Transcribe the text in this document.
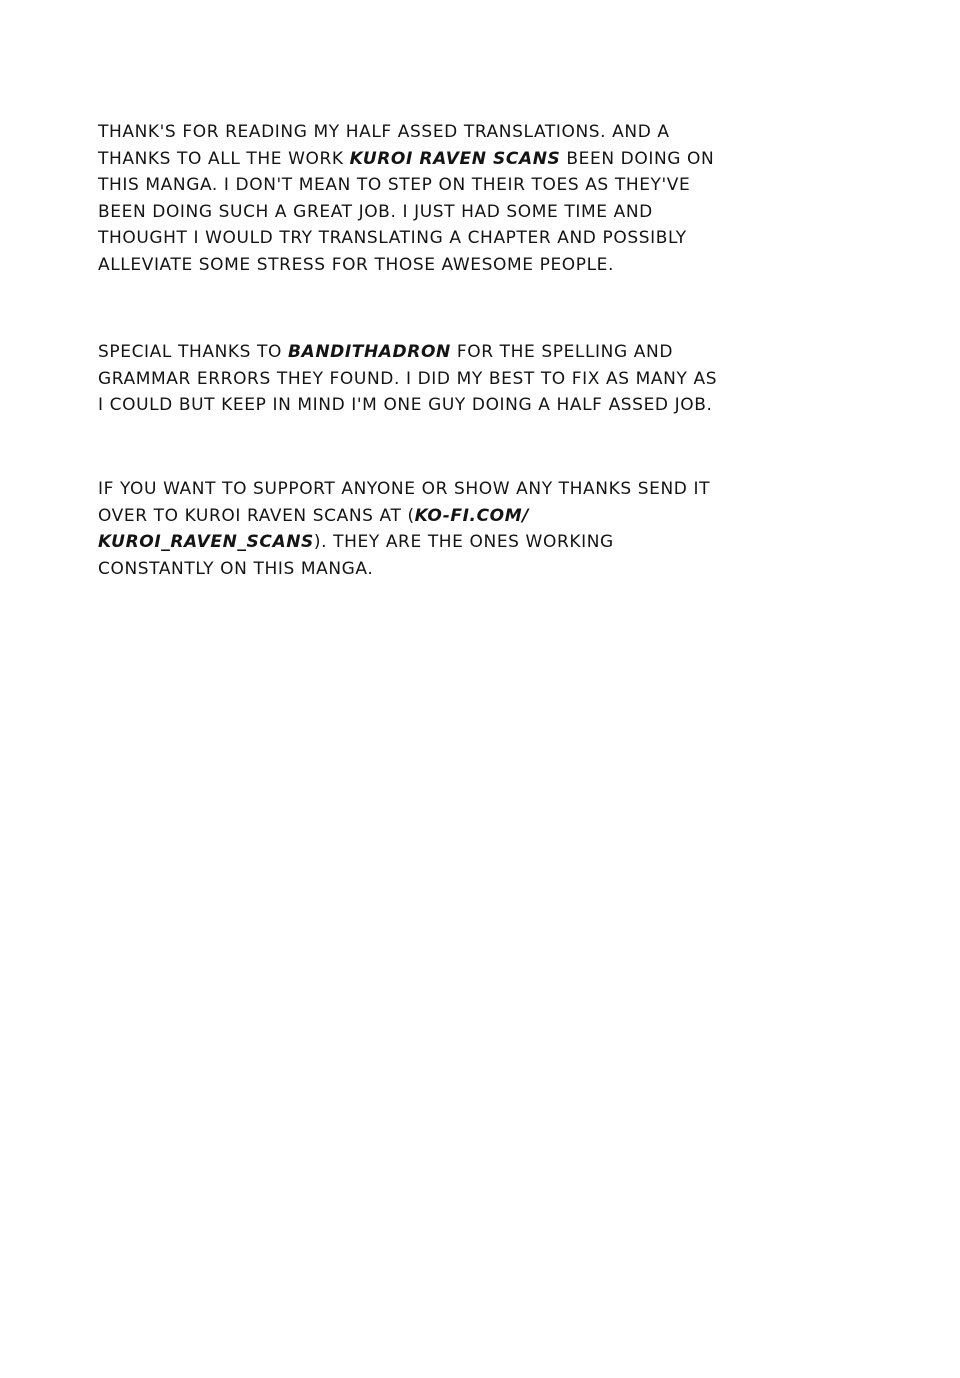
THANK'S FOR READING MY HALF ASSED TRANSLATIONS. AND A
THANKS TO ALL THE WORK KUROI RAVEN SCANS BEEN DOING ON
THIS MANGA. I DON'T MEAN TO STEP ON THEIR TOES AS THEY'VE
BEEN DOING SUCH A GREAT JOB. I JUST HAD SOME TIME AND
THOUGHT I WOULD TRY TRANSLATING A CHAPTER AND POSSIBLY
ALLEVIATE SOME STRESS FOR THOSE AWESOME PEOPLE.

SPECIAL THANKS TO BANDITHADRON FOR THE SPELLING AND
GRAMMAR ERRORS THEY FOUND. I DID MY BEST TO FIX AS MANY AS
I COULD BUT KEEP IN MIND I'M ONE GUY DOING A HALF ASSED JOB.

IF YOU WANT TO SUPPORT ANYONE OR SHOW ANY THANKS SEND IT
OVER TO KUROI RAVEN SCANS AT (KO-FI.COM/
KUROI_RAVEN_SCANS). THEY ARE THE ONES WORKING
CONSTANTLY ON THIS MANGA.
